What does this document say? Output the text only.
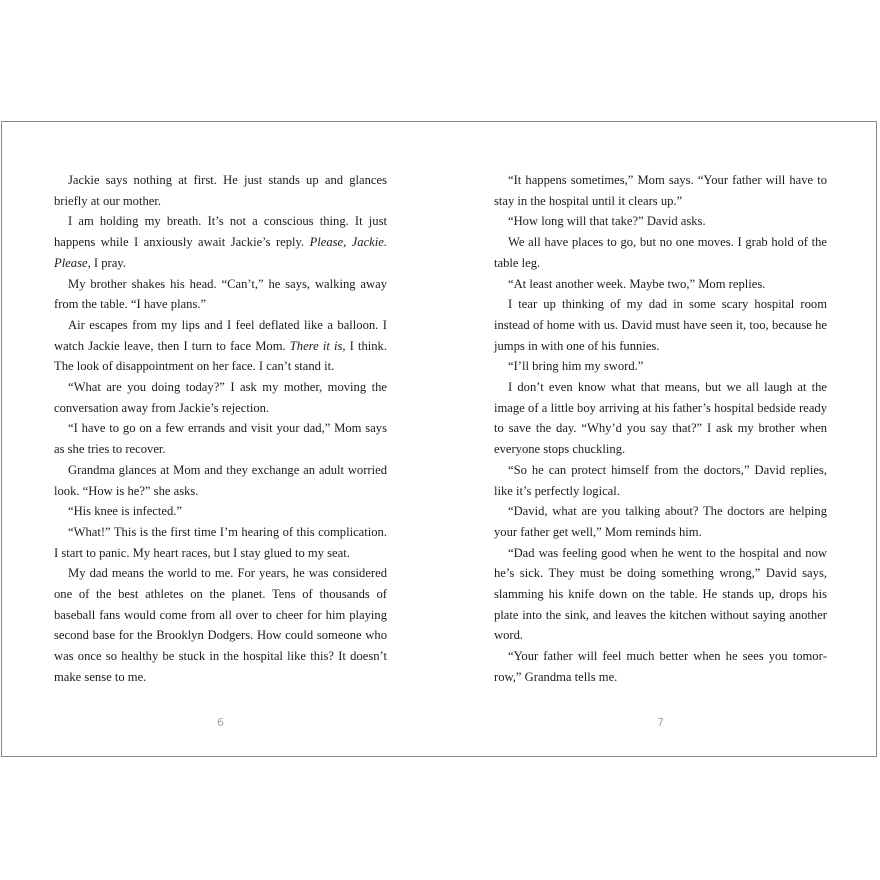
Jackie says nothing at first. He just stands up and glances briefly at our mother.

I am holding my breath. It’s not a conscious thing. It just happens while I anxiously await Jackie’s reply. Please, Jackie. Please, I pray.

My brother shakes his head. “Can’t,” he says, walking away from the table. “I have plans.”

Air escapes from my lips and I feel deflated like a balloon. I watch Jackie leave, then I turn to face Mom. There it is, I think. The look of disappointment on her face. I can’t stand it.

“What are you doing today?” I ask my mother, moving the conversation away from Jackie’s rejection.

“I have to go on a few errands and visit your dad,” Mom says as she tries to recover.

Grandma glances at Mom and they exchange an adult worried look. “How is he?” she asks.

“His knee is infected.”

“What!” This is the first time I’m hearing of this complication. I start to panic. My heart races, but I stay glued to my seat.

My dad means the world to me. For years, he was considered one of the best athletes on the planet. Tens of thousands of baseball fans would come from all over to cheer for him playing second base for the Brooklyn Dodgers. How could someone who was once so healthy be stuck in the hospital like this? It doesn’t make sense to me.

6

“It happens sometimes,” Mom says. “Your father will have to stay in the hospital until it clears up.”

“How long will that take?” David asks.

We all have places to go, but no one moves. I grab hold of the table leg.

“At least another week. Maybe two,” Mom replies.

I tear up thinking of my dad in some scary hospital room instead of home with us. David must have seen it, too, because he jumps in with one of his funnies.

“I’ll bring him my sword.”

I don’t even know what that means, but we all laugh at the image of a little boy arriving at his father’s hospital bedside ready to save the day. “Why’d you say that?” I ask my brother when everyone stops chuckling.

“So he can protect himself from the doctors,” David replies, like it’s perfectly logical.

“David, what are you talking about? The doctors are helping your father get well,” Mom reminds him.

“Dad was feeling good when he went to the hospital and now he’s sick. They must be doing something wrong,” David says, slamming his knife down on the table. He stands up, drops his plate into the sink, and leaves the kitchen without saying another word.

“Your father will feel much better when he sees you tomorrow,” Grandma tells me.

7
